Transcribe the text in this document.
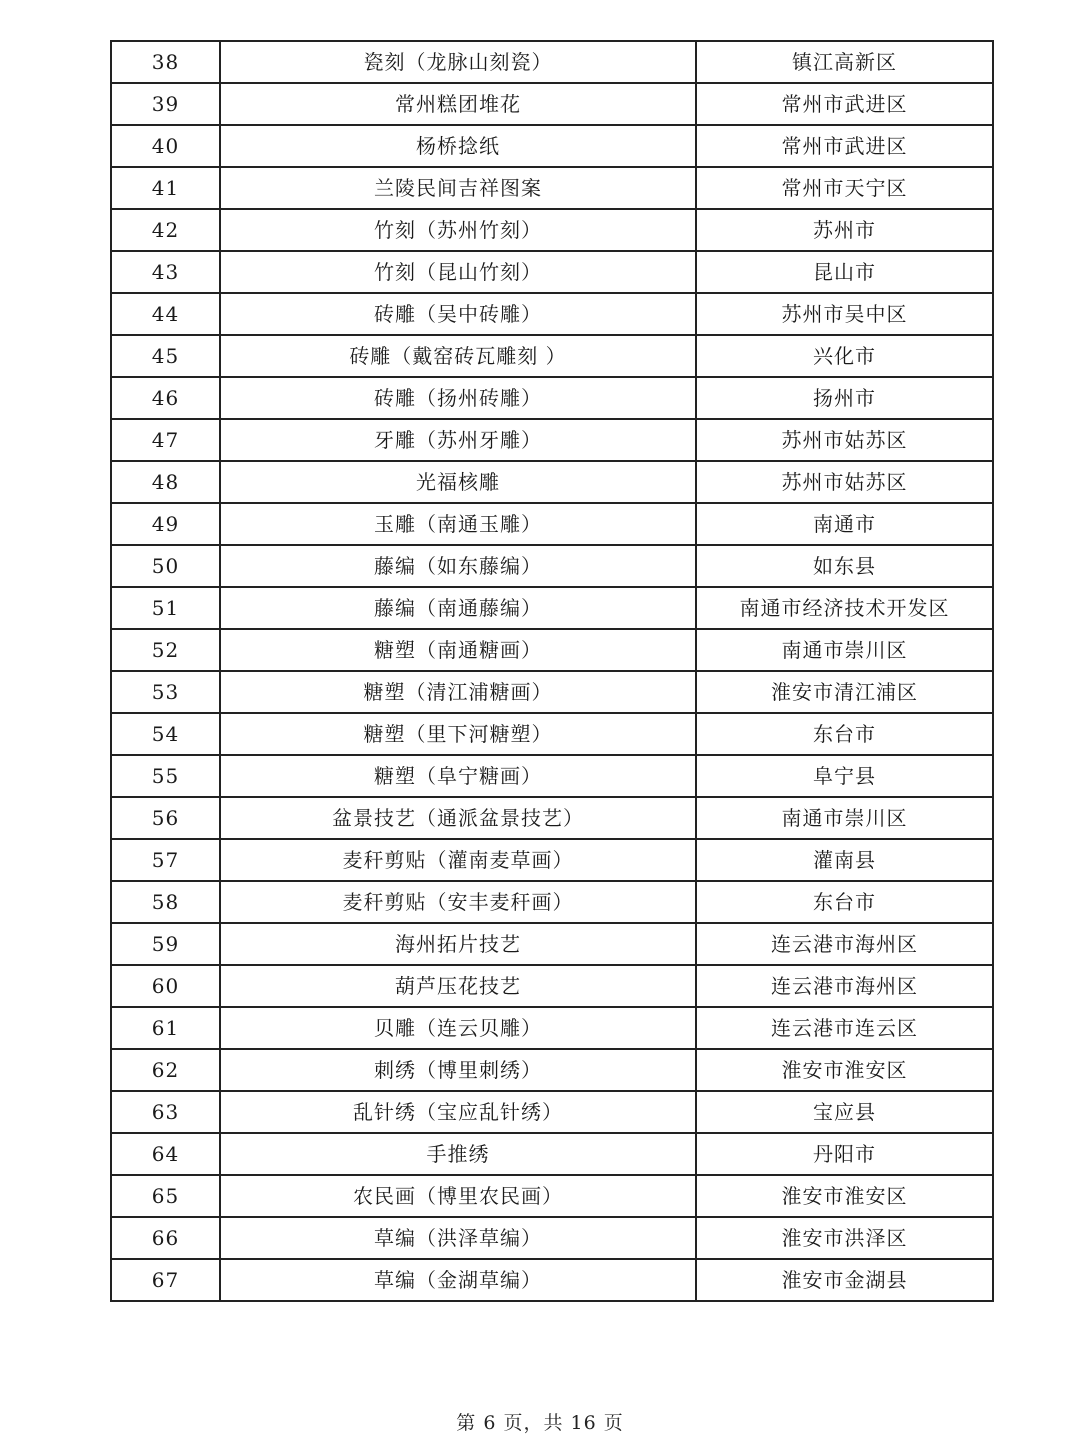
38	瓷刻（龙脉山刻瓷）	镇江高新区
39	常州糕团堆花	常州市武进区
40	杨桥捻纸	常州市武进区
41	兰陵民间吉祥图案	常州市天宁区
42	竹刻（苏州竹刻）	苏州市
43	竹刻（昆山竹刻）	昆山市
44	砖雕（吴中砖雕）	苏州市吴中区
45	砖雕（戴窑砖瓦雕刻 ）	兴化市
46	砖雕（扬州砖雕）	扬州市
47	牙雕（苏州牙雕）	苏州市姑苏区
48	光福核雕	苏州市姑苏区
49	玉雕（南通玉雕）	南通市
50	藤编（如东藤编）	如东县
51	藤编（南通藤编）	南通市经济技术开发区
52	糖塑（南通糖画）	南通市崇川区
53	糖塑（清江浦糖画）	淮安市清江浦区
54	糖塑（里下河糖塑）	东台市
55	糖塑（阜宁糖画）	阜宁县
56	盆景技艺（通派盆景技艺）	南通市崇川区
57	麦秆剪贴（灌南麦草画）	灌南县
58	麦秆剪贴（安丰麦秆画）	东台市
59	海州拓片技艺	连云港市海州区
60	葫芦压花技艺	连云港市海州区
61	贝雕（连云贝雕）	连云港市连云区
62	刺绣（博里刺绣）	淮安市淮安区
63	乱针绣（宝应乱针绣）	宝应县
64	手推绣	丹阳市
65	农民画（博里农民画）	淮安市淮安区
66	草编（洪泽草编）	淮安市洪泽区
67	草编（金湖草编）	淮安市金湖县
第 6 页，共 16 页
